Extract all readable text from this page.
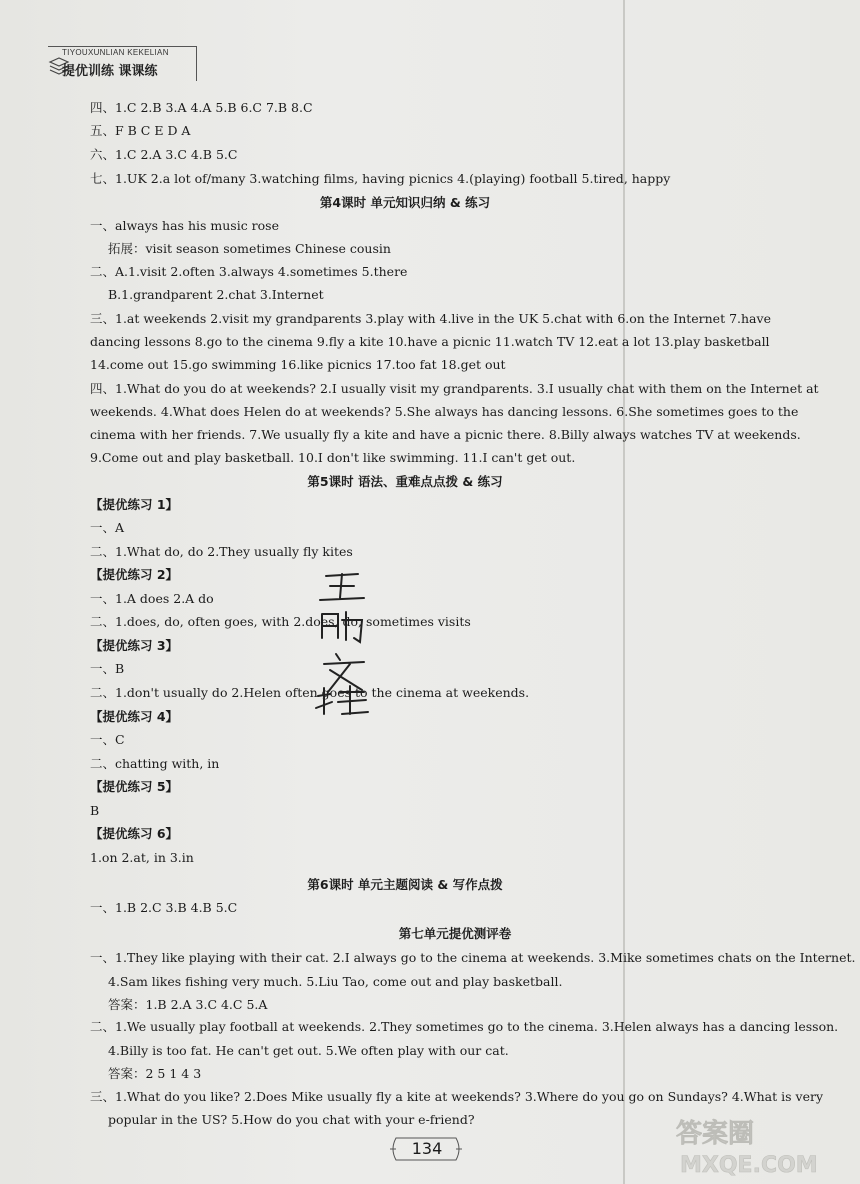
TIYOUXUNLIAN KEKELIAN
提优训练 课课练
四、1.C 2.B 3.A 4.A 5.B 6.C 7.B 8.C
五、F B C E D A
六、1.C 2.A 3.C 4.B 5.C
七、1.UK 2.a lot of/many 3.watching films, having picnics 4.(playing) football 5.tired, happy
第4课时 单元知识归纳 & 练习
一、always has his music rose
拓展：visit season sometimes Chinese cousin
二、A.1.visit 2.often 3.always 4.sometimes 5.there
B.1.grandparent 2.chat 3.Internet
三、1.at weekends 2.visit my grandparents 3.play with 4.live in the UK 5.chat with 6.on the Internet 7.have
dancing lessons 8.go to the cinema 9.fly a kite 10.have a picnic 11.watch TV 12.eat a lot 13.play basketball
14.come out 15.go swimming 16.like picnics 17.too fat 18.get out
四、1.What do you do at weekends? 2.I usually visit my grandparents. 3.I usually chat with them on the Internet at
weekends. 4.What does Helen do at weekends? 5.She always has dancing lessons. 6.She sometimes goes to the
cinema with her friends. 7.We usually fly a kite and have a picnic there. 8.Billy always watches TV at weekends.
9.Come out and play basketball. 10.I don't like swimming. 11.I can't get out.
第5课时 语法、重难点点拨 & 练习
【提优练习 1】
一、A
二、1.What do, do 2.They usually fly kites
【提优练习 2】
一、1.A does 2.A do
二、1.does, do, often goes, with 2.does, do, sometimes visits
【提优练习 3】
一、B
二、1.don't usually do 2.Helen often goes to the cinema at weekends.
【提优练习 4】
一、C
二、chatting with, in
【提优练习 5】
B
【提优练习 6】
1.on 2.at, in 3.in
第6课时 单元主题阅读 & 写作点拨
一、1.B 2.C 3.B 4.B 5.C
第七单元提优测评卷
一、1.They like playing with their cat. 2.I always go to the cinema at weekends. 3.Mike sometimes chats on the Internet.
4.Sam likes fishing very much. 5.Liu Tao, come out and play basketball.
答案：1.B 2.A 3.C 4.C 5.A
二、1.We usually play football at weekends. 2.They sometimes go to the cinema. 3.Helen always has a dancing lesson.
4.Billy is too fat. He can't get out. 5.We often play with our cat.
答案：2 5 1 4 3
三、1.What do you like? 2.Does Mike usually fly a kite at weekends? 3.Where do you go on Sundays? 4.What is very
popular in the US? 5.How do you chat with your e-friend?
134	答案圈
MXQE.COM
